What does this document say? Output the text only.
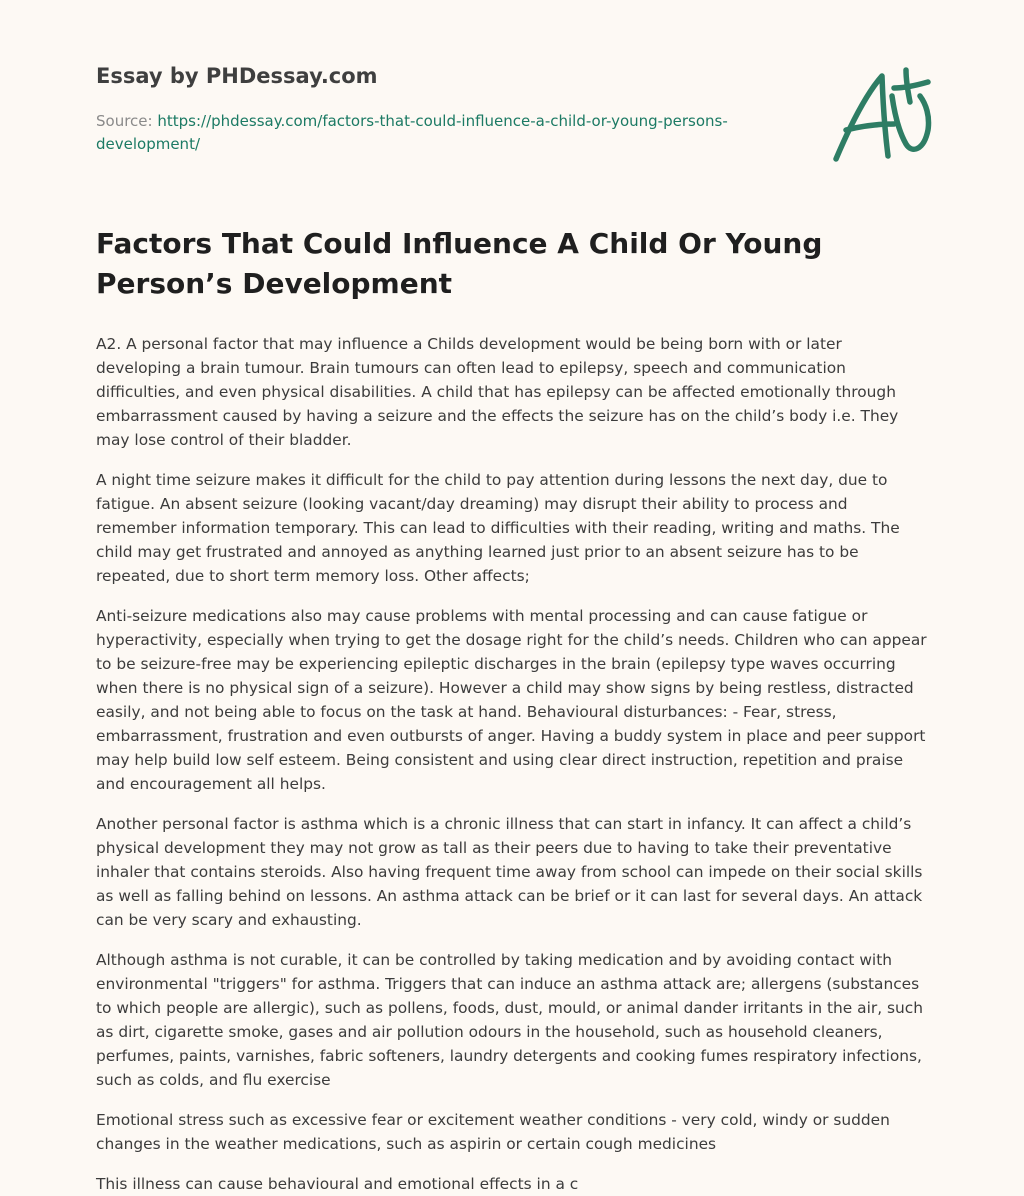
Essay by PHDessay.com
Source: https://phdessay.com/factors-that-could-influence-a-child-or-young-persons-development/
Factors That Could Influence A Child Or Young Person’s Development

A2. A personal factor that may influence a Childs development would be being born with or later developing a brain tumour. Brain tumours can often lead to epilepsy, speech and communication difficulties, and even physical disabilities. A child that has epilepsy can be affected emotionally through embarrassment caused by having a seizure and the effects the seizure has on the child’s body i.e. They may lose control of their bladder.

A night time seizure makes it difficult for the child to pay attention during lessons the next day, due to fatigue. An absent seizure (looking vacant/day dreaming) may disrupt their ability to process and remember information temporary. This can lead to difficulties with their reading, writing and maths. The child may get frustrated and annoyed as anything learned just prior to an absent seizure has to be repeated, due to short term memory loss. Other affects;

Anti-seizure medications also may cause problems with mental processing and can cause fatigue or hyperactivity, especially when trying to get the dosage right for the child’s needs. Children who can appear to be seizure-free may be experiencing epileptic discharges in the brain (epilepsy type waves occurring when there is no physical sign of a seizure). However a child may show signs by being restless, distracted easily, and not being able to focus on the task at hand. Behavioural disturbances: - Fear, stress, embarrassment, frustration and even outbursts of anger. Having a buddy system in place and peer support may help build low self esteem. Being consistent and using clear direct instruction, repetition and praise and encouragement all helps.

Another personal factor is asthma which is a chronic illness that can start in infancy. It can affect a child’s physical development they may not grow as tall as their peers due to having to take their preventative inhaler that contains steroids. Also having frequent time away from school can impede on their social skills as well as falling behind on lessons. An asthma attack can be brief or it can last for several days. An attack can be very scary and exhausting.

Although asthma is not curable, it can be controlled by taking medication and by avoiding contact with environmental "triggers" for asthma. Triggers that can induce an asthma attack are; allergens (substances to which people are allergic), such as pollens, foods, dust, mould, or animal dander irritants in the air, such as dirt, cigarette smoke, gases and air pollution odours in the household, such as household cleaners, perfumes, paints, varnishes, fabric softeners, laundry detergents and cooking fumes respiratory infections, such as colds, and flu exercise

Emotional stress such as excessive fear or excitement weather conditions - very cold, windy or sudden changes in the weather medications, such as aspirin or certain cough medicines

This illness can cause behavioural and emotional effects in a c
